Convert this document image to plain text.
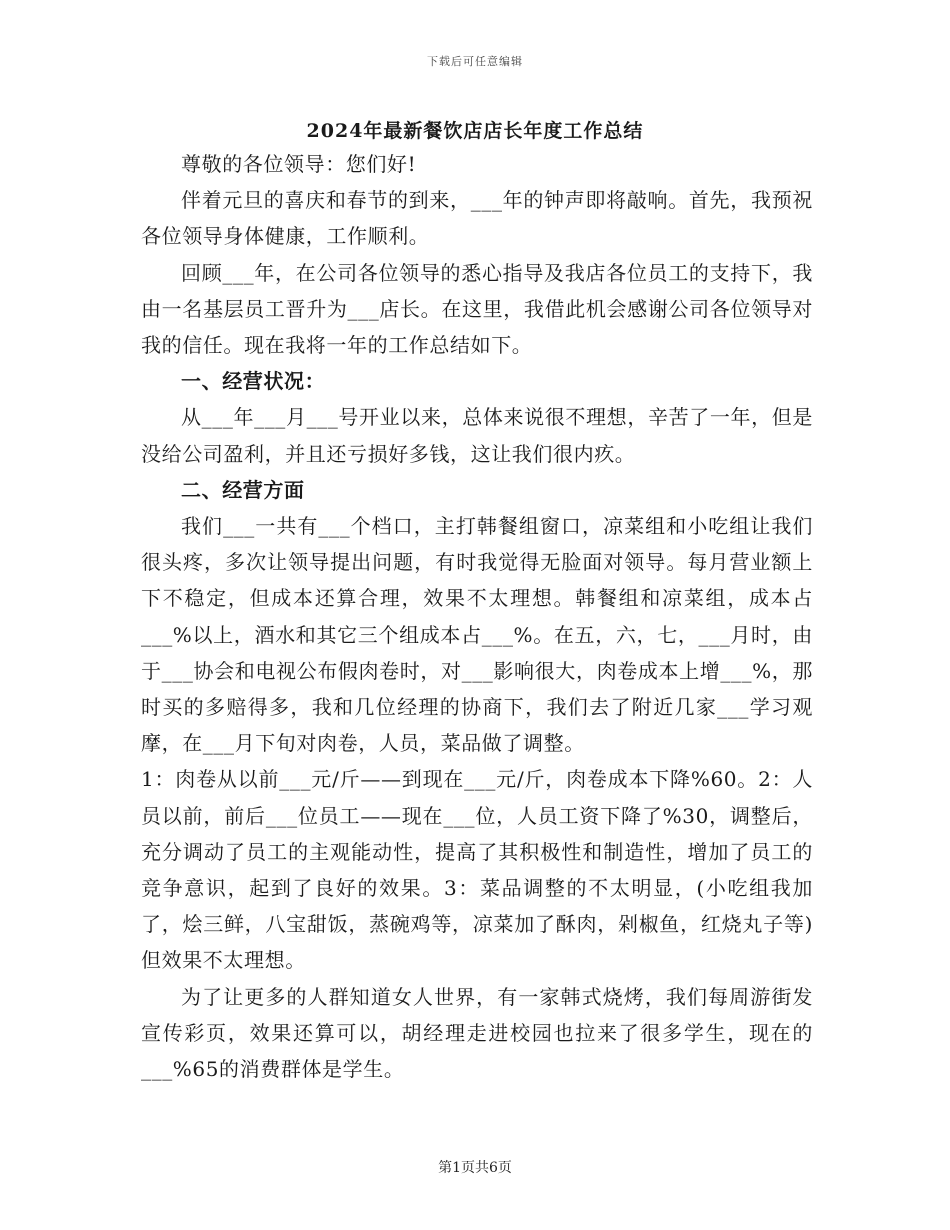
下载后可任意编辑
2024年最新餐饮店店长年度工作总结

尊敬的各位领导：您们好!

伴着元旦的喜庆和春节的到来，___年的钟声即将敲响。首先，我预祝各位领导身体健康，工作顺利。

回顾___年，在公司各位领导的悉心指导及我店各位员工的支持下，我由一名基层员工晋升为___店长。在这里，我借此机会感谢公司各位领导对我的信任。现在我将一年的工作总结如下。

一、经营状况：

从___年___月___号开业以来，总体来说很不理想，辛苦了一年，但是没给公司盈利，并且还亏损好多钱，这让我们很内疚。

二、经营方面

我们___一共有___个档口，主打韩餐组窗口，凉菜组和小吃组让我们很头疼，多次让领导提出问题，有时我觉得无脸面对领导。每月营业额上下不稳定，但成本还算合理，效果不太理想。韩餐组和凉菜组，成本占___%以上，酒水和其它三个组成本占___%。在五，六，七，___月时，由于___协会和电视公布假肉卷时，对___影响很大，肉卷成本上增___%，那时买的多赔得多，我和几位经理的协商下，我们去了附近几家___学习观摩，在___月下旬对肉卷，人员，菜品做了调整。

1：肉卷从以前___元/斤——到现在___元/斤，肉卷成本下降%60。2：人员以前，前后___位员工——现在___位，人员工资下降了%30，调整后，充分调动了员工的主观能动性，提高了其积极性和制造性，增加了员工的竞争意识，起到了良好的效果。3：菜品调整的不太明显，(小吃组我加了，烩三鲜，八宝甜饭，蒸碗鸡等，凉菜加了酥肉，剁椒鱼，红烧丸子等)但效果不太理想。

为了让更多的人群知道女人世界，有一家韩式烧烤，我们每周游街发宣传彩页，效果还算可以，胡经理走进校园也拉来了很多学生，现在的___%65的消费群体是学生。

第1页共6页
